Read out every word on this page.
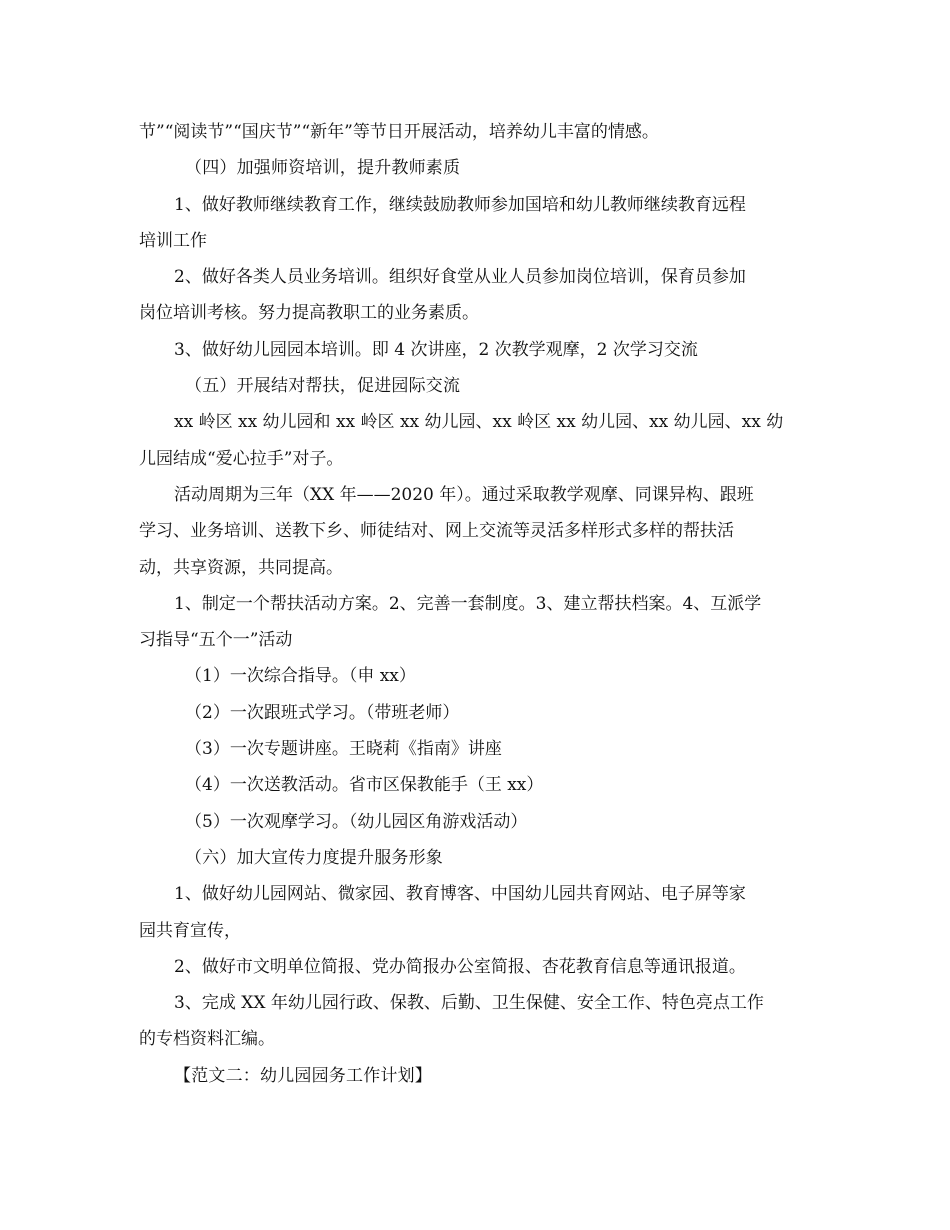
节”“阅读节”“国庆节”“新年”等节日开展活动，培养幼儿丰富的情感。
（四）加强师资培训，提升教师素质
1、做好教师继续教育工作，继续鼓励教师参加国培和幼儿教师继续教育远程
培训工作
2、做好各类人员业务培训。组织好食堂从业人员参加岗位培训，保育员参加
岗位培训考核。努力提高教职工的业务素质。
3、做好幼儿园园本培训。即 4 次讲座，2 次教学观摩，2 次学习交流
（五）开展结对帮扶，促进园际交流
xx 岭区 xx 幼儿园和 xx 岭区 xx 幼儿园、xx 岭区 xx 幼儿园、xx 幼儿园、xx 幼
儿园结成“爱心拉手”对子。
活动周期为三年（XX 年——2020 年）。通过采取教学观摩、同课异构、跟班
学习、业务培训、送教下乡、师徒结对、网上交流等灵活多样形式多样的帮扶活
动，共享资源，共同提高。
1、制定一个帮扶活动方案。2、完善一套制度。3、建立帮扶档案。4、互派学
习指导“五个一”活动
（1）一次综合指导。（申 xx）
（2）一次跟班式学习。（带班老师）
（3）一次专题讲座。王晓莉《指南》讲座
（4）一次送教活动。省市区保教能手（王 xx）
（5）一次观摩学习。（幼儿园区角游戏活动）
（六）加大宣传力度提升服务形象
1、做好幼儿园网站、微家园、教育博客、中国幼儿园共育网站、电子屏等家
园共育宣传，
2、做好市文明单位简报、党办简报办公室简报、杏花教育信息等通讯报道。
3、完成 XX 年幼儿园行政、保教、后勤、卫生保健、安全工作、特色亮点工作
的专档资料汇编。
【范文二：幼儿园园务工作计划】
